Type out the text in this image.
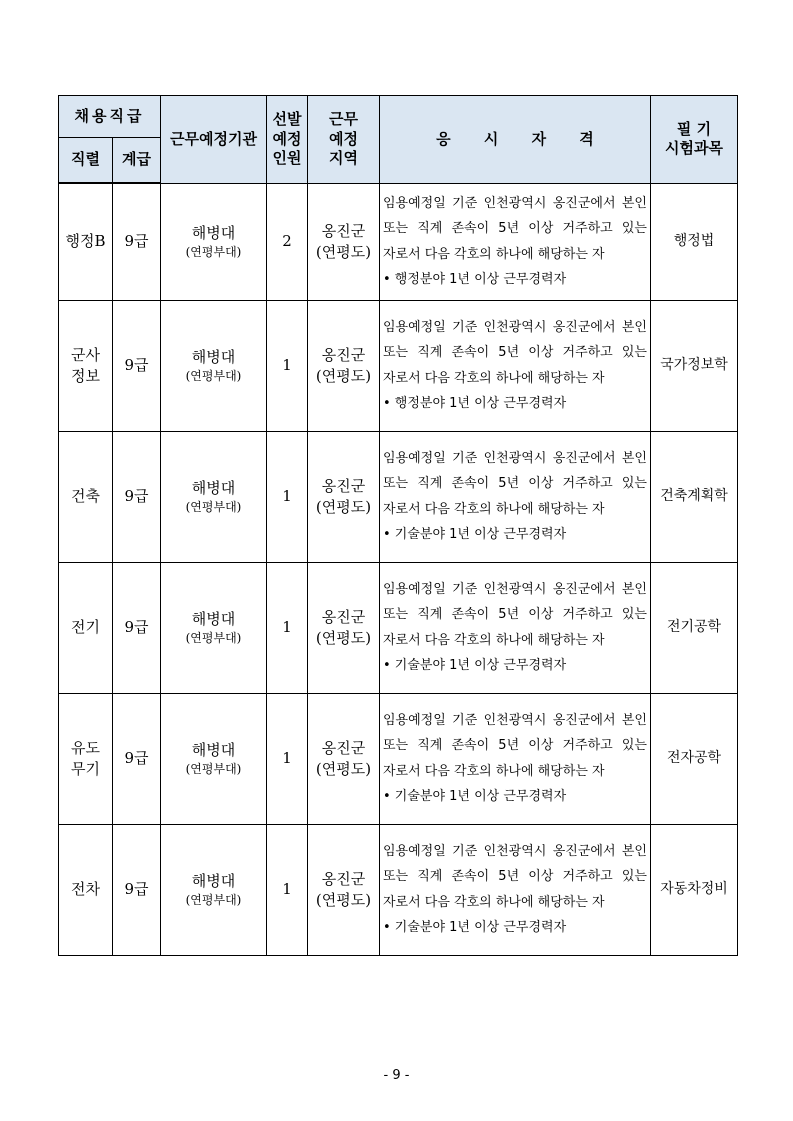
채용직급		근무예정기관	선발
예정
인원	근무
예정
지역	응 시 자 격	필 기
시험과목
직렬	계급					
행정B	9급	해병대
(연평부대)	2	옹진군
(연평도)	임용예정일 기준 인천광역시 옹진군에서 본인
또는 직계 존속이 5년 이상 거주하고 있는
자로서 다음 각호의 하나에 해당하는 자
• 행정분야 1년 이상 근무경력자	행정법
군사
정보	9급	해병대
(연평부대)	1	옹진군
(연평도)	임용예정일 기준 인천광역시 옹진군에서 본인
또는 직계 존속이 5년 이상 거주하고 있는
자로서 다음 각호의 하나에 해당하는 자
• 행정분야 1년 이상 근무경력자	국가정보학
건축	9급	해병대
(연평부대)	1	옹진군
(연평도)	임용예정일 기준 인천광역시 옹진군에서 본인
또는 직계 존속이 5년 이상 거주하고 있는
자로서 다음 각호의 하나에 해당하는 자
• 기술분야 1년 이상 근무경력자	건축계획학
전기	9급	해병대
(연평부대)	1	옹진군
(연평도)	임용예정일 기준 인천광역시 옹진군에서 본인
또는 직계 존속이 5년 이상 거주하고 있는
자로서 다음 각호의 하나에 해당하는 자
• 기술분야 1년 이상 근무경력자	전기공학
유도
무기	9급	해병대
(연평부대)	1	옹진군
(연평도)	임용예정일 기준 인천광역시 옹진군에서 본인
또는 직계 존속이 5년 이상 거주하고 있는
자로서 다음 각호의 하나에 해당하는 자
• 기술분야 1년 이상 근무경력자	전자공학
전차	9급	해병대
(연평부대)	1	옹진군
(연평도)	임용예정일 기준 인천광역시 옹진군에서 본인
또는 직계 존속이 5년 이상 거주하고 있는
자로서 다음 각호의 하나에 해당하는 자
• 기술분야 1년 이상 근무경력자	자동차정비
- 9 -
